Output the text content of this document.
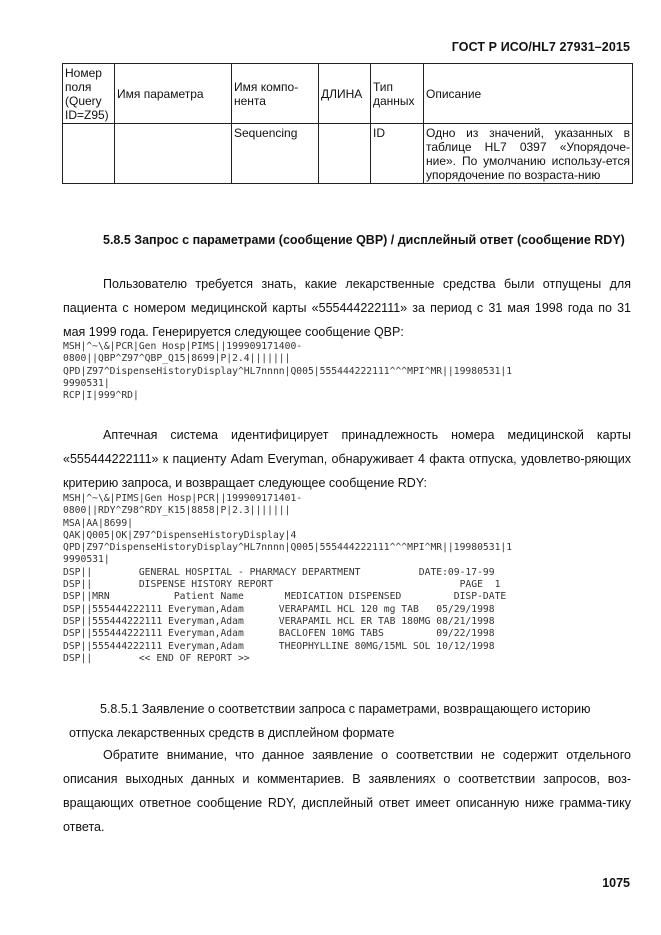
ГОСТ Р ИСО/HL7 27931–2015
Номер поля (Query ID=Z95)	Имя параметра	Имя компо-нента	ДЛИНА	Тип данных	Описание
		Sequencing		ID	Одно из значений, указанных в таблице HL7 0397 «Упорядоче-ние». По умолчанию использу-ется упорядочение по возраста-нию
5.8.5 Запрос с параметрами (сообщение QBP) / дисплейный ответ (сообщение RDY)
Пользователю требуется знать, какие лекарственные средства были отпущены для пациента с номером медицинской карты «555444222111» за период с 31 мая 1998 года по 31 мая 1999 года. Генерируется следующее сообщение QBP:
MSH|^~\&|PCR|Gen Hosp|PIMS||199909171400-
0800||QBP^Z97^QBP_Q15|8699|P|2.4|||||||
QPD|Z97^DispenseHistoryDisplay^HL7nnnn|Q005|555444222111^^^MPI^MR||19980531|1
9990531|
RCP|I|999^RD|
Аптечная система идентифицирует принадлежность номера медицинской карты «555444222111» к пациенту Adam Everyman, обнаруживает 4 факта отпуска, удовлетво-ряющих критерию запроса, и возвращает следующее сообщение RDY:
MSH|^~\&|PIMS|Gen Hosp|PCR||199909171401-
0800||RDY^Z98^RDY_K15|8858|P|2.3|||||||
MSA|AA|8699|
QAK|Q005|OK|Z97^DispenseHistoryDisplay|4
QPD|Z97^DispenseHistoryDisplay^HL7nnnn|Q005|555444222111^^^MPI^MR||19980531|1
9990531|
DSP||        GENERAL HOSPITAL - PHARMACY DEPARTMENT          DATE:09-17-99
DSP||        DISPENSE HISTORY REPORT                                PAGE  1
DSP||MRN           Patient Name       MEDICATION DISPENSED         DISP-DATE
DSP||555444222111 Everyman,Adam      VERAPAMIL HCL 120 mg TAB   05/29/1998
DSP||555444222111 Everyman,Adam      VERAPAMIL HCL ER TAB 180MG 08/21/1998
DSP||555444222111 Everyman,Adam      BACLOFEN 10MG TABS         09/22/1998
DSP||555444222111 Everyman,Adam      THEOPHYLLINE 80MG/15ML SOL 10/12/1998
DSP||        << END OF REPORT >>
5.8.5.1 Заявление о соответствии запроса с параметрами, возвращающего историю
отпуска лекарственных средств в дисплейном формате
Обратите внимание, что данное заявление о соответствии не содержит отдельного описания выходных данных и комментариев. В заявлениях о соответствии запросов, воз-вращающих ответное сообщение RDY, дисплейный ответ имеет описанную ниже грамма-тику ответа.
1075
